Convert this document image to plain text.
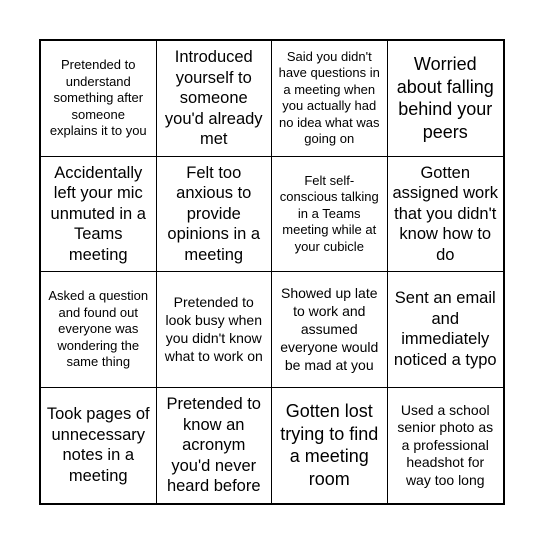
Pretended to understand something after someone explains it to you
Introduced yourself to someone you'd already met
Said you didn't have questions in a meeting when you actually had no idea what was going on
Worried about falling behind your peers
Accidentally left your mic unmuted in a Teams meeting
Felt too anxious to provide opinions in a meeting
Felt self-conscious talking in a Teams meeting while at your cubicle
Gotten assigned work that you didn't know how to do
Asked a question and found out everyone was wondering the same thing
Pretended to look busy when you didn't know what to work on
Showed up late to work and assumed everyone would be mad at you
Sent an email and immediately noticed a typo
Took pages of unnecessary notes in a meeting
Pretended to know an acronym you'd never heard before
Gotten lost trying to find a meeting room
Used a school senior photo as a professional headshot for way too long
